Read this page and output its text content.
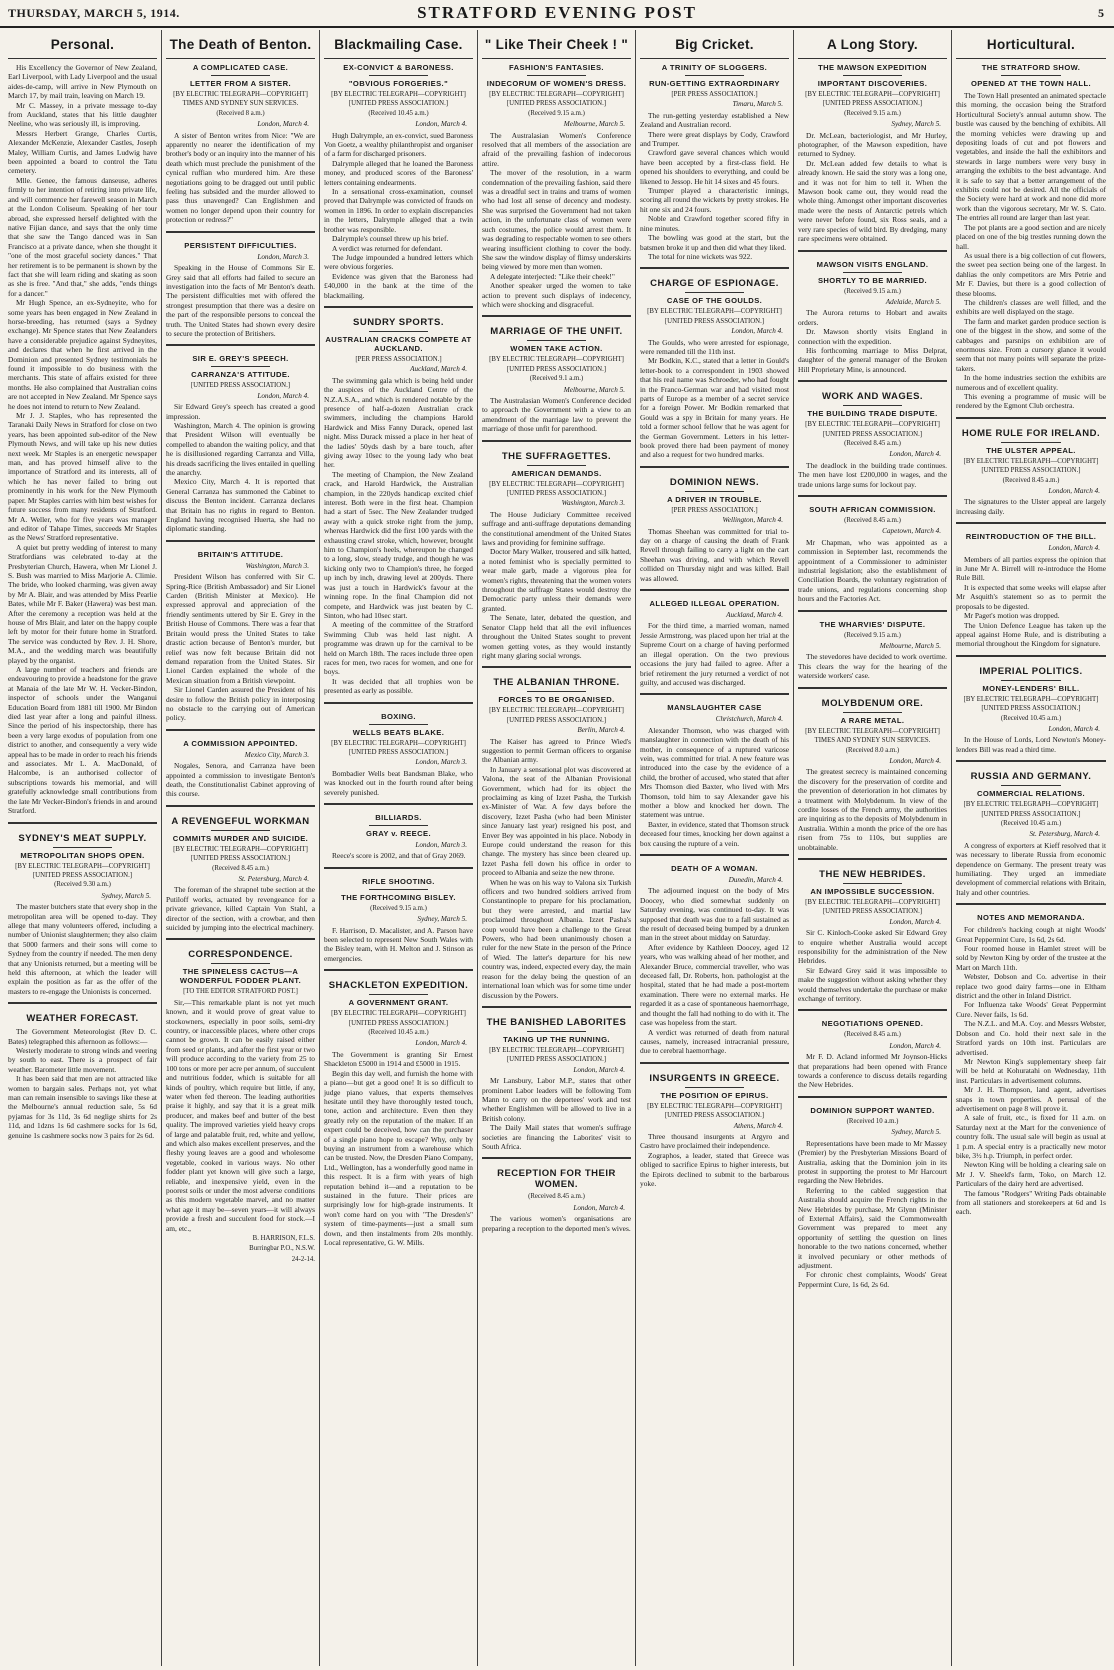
THURSDAY, MARCH 5, 1914.	STRATFORD EVENING POST	5
Personal.

His Excellency the Governor of New Zealand, Earl Liverpool, with Lady Liverpool and the usual aides-de-camp, will arrive in New Plymouth on March 17, by mail train, leaving on March 19.

Mr C. Massey, in a private message to-day from Auckland, states that his little daughter Neeline, who was seriously ill, is improving.

Messrs Herbert Grange, Charles Curtis, Alexander McKenzie, Alexander Castles, Joseph Maley, William Curtis, and James Ludwig have been appointed a board to control the Tatu cemetery.

Mlle. Genee, the famous danseuse, adheres firmly to her intention of retiring into private life, and will commence her farewell season in March at the London Coliseum. Speaking of her tour abroad, she expressed herself delighted with the native Fijian dance, and says that the only time that she saw the Tango danced was in San Francisco at a private dance, when she thought it "one of the most graceful society dances." That her retirement is to be permanent is shown by the fact that she will learn riding and skating as soon as she is free. "And that," she adds, "ends things for a dancer."

Mr Hugh Spence, an ex-Sydneyite, who for some years has been engaged in New Zealand in horse-breeding, has returned (says a Sydney exchange). Mr Spence states that New Zealanders have a considerable prejudice against Sydneyites, and declares that when he first arrived in the Dominion and presented Sydney testimonials he found it impossible to do business with the merchants. This state of affairs existed for three months. He also complained that Australian coins are not accepted in New Zealand. Mr Spence says he does not intend to return to New Zealand.

Mr J. J. Staples, who has represented the Taranaki Daily News in Stratford for close on two years, has been appointed sub-editor of the New Plymouth News, and will take up his new duties next week. Mr Staples is an energetic newspaper man, and has proved himself alive to the importance of Stratford and its interests, all of which he has never failed to bring out prominently in his work for the New Plymouth paper. Mr Staples carries with him best wishes for future success from many residents of Stratford. Mr A. Weller, who for five years was manager and editor of Tahape Times, succeeds Mr Staples as the News' Stratford representative.

A quiet but pretty wedding of interest to many Stratfordians was celebrated to-day at the Presbyterian Church, Hawera, when Mr Lionel J. S. Bush was married to Miss Marjorie A. Climie. The bride, who looked charming, was given away by Mr A. Blair, and was attended by Miss Pearlie Bates, while Mr F. Baker (Hawera) was best man. After the ceremony a reception was held at the house of Mrs Blair, and later on the happy couple left by motor for their future home in Stratford. The service was conducted by Rev. J. H. Shore, M.A., and the wedding march was beautifully played by the organist.

A large number of teachers and friends are endeavouring to provide a headstone for the grave at Manaia of the late Mr W. H. Vecker-Bindon, inspector of schools under the Wanganui Education Board from 1881 till 1900. Mr Bindon died last year after a long and painful illness. Since the period of his inspectorship, there has been a very large exodus of population from one district to another, and consequently a very wide appeal has to be made in order to reach his friends and associates. Mr L. A. MacDonald, of Halcombe, is an authorised collector of subscriptions towards his memorial, and will gratefully acknowledge small contributions from the late Mr Vecker-Bindon's friends in and around Stratford.

SYDNEY'S MEAT SUPPLY.
METROPOLITAN SHOPS OPEN.
[BY ELECTRIC TELEGRAPH—COPYRIGHT]
[UNITED PRESS ASSOCIATION.]
(Received 9.30 a.m.)
Sydney, March 5.

The master butchers state that every shop in the metropolitan area will be opened to-day. They allege that many volunteers offered, including a number of Unionist slaughtermen; they also claim that 5000 farmers and their sons will come to Sydney from the country if needed. The men deny that any Unionists returned, but a meeting will be held this afternoon, at which the leader will explain the position as far as the offer of the masters to re-engage the Unionists is concerned.

WEATHER FORECAST.

The Government Meteorologist (Rev D. C. Bates) telegraphed this afternoon as follows:—

Westerly moderate to strong winds and veering by south to east. There is a prospect of fair weather. Barometer little movement.

It has been said that men are not attracted like women to bargain sales. Perhaps not, yet what man can remain insensible to savings like these at the Melbourne's annual reduction sale, 5s 6d pyjamas for 3s 11d, 3s 6d neglige shirts for 2s 11d, and 1dzns 1s 6d cashmere socks for 1s 6d, genuine 1s cashmere socks now 3 pairs for 2s 6d.

The Death of Benton.
A COMPLICATED CASE.
LETTER FROM A SISTER.
[BY ELECTRIC TELEGRAPH—COPYRIGHT]
TIMES AND SYDNEY SUN SERVICES.
(Received 8 a.m.)
London, March 4.

A sister of Benton writes from Nice: "We are apparently no nearer the identification of my brother's body or an inquiry into the manner of his death which must preclude the punishment of the cynical ruffian who murdered him. Are these negotiations going to be dragged out until public feeling has subsided and the murder allowed to pass thus unavenged? Can Englishmen and women no longer depend upon their country for protection or redress?"

PERSISTENT DIFFICULTIES.
London, March 3.

Speaking in the House of Commons Sir E. Grey said that all efforts had failed to secure an investigation into the facts of Mr Benton's death. The persistent difficulties met with offered the strongest presumption that there was a desire on the part of the responsible persons to conceal the truth. The United States had shown every desire to secure the protection of Britishers.

SIR E. GREY'S SPEECH.
CARRANZA'S ATTITUDE.
[UNITED PRESS ASSOCIATION.]
London, March 4.

Sir Edward Grey's speech has created a good impression.

Washington, March 4. The opinion is growing that President Wilson will eventually be compelled to abandon the waiting policy, and that he is disillusioned regarding Carranza and Villa, his dreads sacrificing the lives entailed in quelling the anarchy.

Mexico City, March 4. It is reported that General Carranza has summoned the Cabinet to discuss the Benton incident. Carranza declares that Britain has no rights in regard to Benton. England having recognised Huerta, she had no diplomatic standing.

BRITAIN'S ATTITUDE.
Washington, March 3.

President Wilson has conferred with Sir C. Spring-Rice (British Ambassador) and Sir Lionel Carden (British Minister at Mexico). He expressed approval and appreciation of the friendly sentiments uttered by Sir E. Grey in the British House of Commons. There was a fear that Britain would press the United States to take drastic action because of Benton's murder, but relief was now felt because Britain did not demand reparation from the United States. Sir Lionel Carden explained the whole of the Mexican situation from a British viewpoint.

Sir Lionel Carden assured the President of his desire to follow the British policy in interposing no obstacle to the carrying out of American policy.

A COMMISSION APPOINTED.
Mexico City, March 3.

Nogales, Senora, and Carranza have been appointed a commission to investigate Benton's death, the Constitutionalist Cabinet approving of this course.

A REVENGEFUL WORKMAN
COMMITS MURDER AND SUICIDE.
[BY ELECTRIC TELEGRAPH—COPYRIGHT]
[UNITED PRESS ASSOCIATION.]
(Received 8.45 a.m.)
St. Petersburg, March 4.

The foreman of the shrapnel tube section at the Putiloff works, actuated by revengeance for a private grievance, killed Captain Von Stahl, a director of the section, with a crowbar, and then suicided by jumping into the electrical machinery.

CORRESPONDENCE.
THE SPINELESS CACTUS—A WONDERFUL FODDER PLANT.
[TO THE EDITOR STRATFORD POST.]

Sir,—This remarkable plant is not yet much known, and it would prove of great value to stockowners, especially in poor soils, semi-dry country, or inaccessible places, where other crops cannot be grown. It can be easily raised either from seed or plants, and after the first year or two will produce according to the variety from 25 to 100 tons or more per acre per annum, of succulent and nutritious fodder, which is suitable for all kinds of poultry, which require but little, if any, water when fed thereon. The leading authorities praise it highly, and say that it is a great milk producer, and makes beef and butter of the best quality. The improved varieties yield heavy crops of large and palatable fruit, red, white and yellow, and which also makes excellent preserves, and the fleshy young leaves are a good and wholesome vegetable, cooked in various ways. No other fodder plant yet known will give such a large, reliable, and inexpensive yield, even in the poorest soils or under the most adverse conditions as this modern vegetable marvel, and no matter what age it may be—seven years—it will always provide a fresh and succulent food for stock.—I am, etc.,

B. HARRISON, F.L.S.
Burringbar P.O., N.S.W.
24-2-14.
Blackmailing Case.
EX-CONVICT & BARONESS.
"OBVIOUS FORGERIES."
[BY ELECTRIC TELEGRAPH—COPYRIGHT]
[UNITED PRESS ASSOCIATION.]
(Received 10.45 a.m.)
London, March 4.

Hugh Dalrymple, an ex-convict, sued Baroness Von Goetz, a wealthy philanthropist and organiser of a farm for discharged prisoners.

Dalrymple alleged that he loaned the Baroness money, and produced scores of the Baroness' letters containing endearments.

In a sensational cross-examination, counsel proved that Dalrymple was convicted of frauds on women in 1896. In order to explain discrepancies in the letters, Dalrymple alleged that a twin brother was responsible.

Dalrymple's counsel threw up his brief.

A verdict was returned for defendant.

The Judge impounded a hundred letters which were obvious forgeries.

Evidence was given that the Baroness had £40,000 in the bank at the time of the blackmailing.

SUNDRY SPORTS.
AUSTRALIAN CRACKS COMPETE AT AUCKLAND.
[PER PRESS ASSOCIATION.]
Auckland, March 4.

The swimming gala which is being held under the auspices of the Auckland Centre of the N.Z.A.S.A., and which is rendered notable by the presence of half-a-dozen Australian crack swimmers, including the champions Harold Hardwick and Miss Fanny Durack, opened last night. Miss Durack missed a place in her heat of the ladies' 50yds dash by a bare touch, after giving away 10sec to the young lady who beat her.

The meeting of Champion, the New Zealand crack, and Harold Hardwick, the Australian champion, in the 220yds handicap excited chief interest. Both were in the first heat. Champion had a start of 5sec. The New Zealander trudged away with a quick stroke right from the jump, whereas Hardwick did the first 100 yards with the exhausting crawl stroke, which, however, brought him to Champion's heels, whereupon he changed to a long, slow, steady trudge, and though he was kicking only two to Champion's three, he forged up inch by inch, drawing level at 200yds. There was just a touch in Hardwick's favour at the winning rope. In the final Champion did not compete, and Hardwick was just beaten by C. Sinton, who had 10sec start.

A meeting of the committee of the Stratford Swimming Club was held last night. A programme was drawn up for the carnival to be held on March 18th. The races include three open races for men, two races for women, and one for boys.

It was decided that all trophies won be presented as early as possible.

BOXING.
WELLS BEATS BLAKE.
[BY ELECTRIC TELEGRAPH—COPYRIGHT]
[UNITED PRESS ASSOCIATION.]
London, March 3.

Bombadier Wells beat Bandsman Blake, who was knocked out in the fourth round after being severely punished.

BILLIARDS.
GRAY v. REECE.
London, March 3.

Reece's score is 2002, and that of Gray 2069.

RIFLE SHOOTING.
THE FORTHCOMING BISLEY.
(Received 9.15 a.m.)
Sydney, March 5.

F. Harrison, D. Macalister, and A. Parson have been selected to represent New South Wales with the Bisley team, with H. Melton and J. Stinson as emergencies.

SHACKLETON EXPEDITION.
A GOVERNMENT GRANT.
[BY ELECTRIC TELEGRAPH—COPYRIGHT]
[UNITED PRESS ASSOCIATION.]
(Received 10.45 a.m.)
London, March 4.

The Government is granting Sir Ernest Shackleton £5000 in 1914 and £5000 in 1915.

Begin this day well, and furnish the home with a piano—but get a good one! It is so difficult to judge piano values, that experts themselves hesitate until they have thoroughly tested touch, tone, action and architecture. Even then they greatly rely on the reputation of the maker. If an expert could be deceived, how can the purchaser of a single piano hope to escape? Why, only by buying an instrument from a warehouse which can be trusted. Now, the Dresden Piano Company, Ltd., Wellington, has a wonderfully good name in this respect. It is a firm with years of high reputation behind it—and a reputation to be sustained in the future. Their prices are surprisingly low for high-grade instruments. It won't come hard on you with "The Dresden's" system of time-payments—just a small sum down, and then instalments from 20s monthly. Local representative, G. W. Mills.

" Like Their Cheek ! "
FASHION'S FANTASIES.
INDECORUM OF WOMEN'S DRESS.
[BY ELECTRIC TELEGRAPH—COPYRIGHT]
[UNITED PRESS ASSOCIATION.]
(Received 9.15 a.m.)
Melbourne, March 5.

The Australasian Women's Conference resolved that all members of the association are afraid of the prevailing fashion of indecorous attire.

The mover of the resolution, in a warm condemnation of the prevailing fashion, said there was a dreadful sect in trains and trams of women who had lost all sense of decency and modesty. She was surprised the Government had not taken action, in the unfortunate class of women were such costumes, the police would arrest them. It was degrading to respectable women to see others wearing insufficient clothing to cover the body. She saw the window display of flimsy underskirts being viewed by more men than women.

A delegate interjected: "Like their cheek!"

Another speaker urged the women to take action to prevent such displays of indecency, which were shocking and disgraceful.

MARRIAGE OF THE UNFIT.
WOMEN TAKE ACTION.
[BY ELECTRIC TELEGRAPH—COPYRIGHT]
[UNITED PRESS ASSOCIATION.]
(Received 9.1 a.m.)
Melbourne, March 5.

The Australasian Women's Conference decided to approach the Government with a view to an amendment of the marriage law to prevent the marriage of those unfit for parenthood.

THE SUFFRAGETTES.
AMERICAN DEMANDS.
[BY ELECTRIC TELEGRAPH—COPYRIGHT]
[UNITED PRESS ASSOCIATION.]
Washington, March 3.

The House Judiciary Committee received suffrage and anti-suffrage deputations demanding the constitutional amendment of the United States laws and providing for feminine suffrage.

Doctor Mary Walker, trousered and silk hatted, a noted feminist who is specially permitted to wear male garb, made a vigorous plea for women's rights, threatening that the women voters throughout the suffrage States would destroy the Democratic party unless their demands were granted.

The Senate, later, debated the question, and Senator Clapp held that all the evil influences throughout the United States sought to prevent women getting votes, as they would instantly right many glaring social wrongs.

THE ALBANIAN THRONE.
FORCES TO BE ORGANISED.
[BY ELECTRIC TELEGRAPH—COPYRIGHT]
[UNITED PRESS ASSOCIATION.]
Berlin, March 4.

The Kaiser has agreed to Prince Wied's suggestion to permit German officers to organise the Albanian army.

In January a sensational plot was discovered at Valona, the seat of the Albanian Provisional Government, which had for its object the proclaiming as king of Izzet Pasha, the Turkish ex-Minister of War. A few days before the discovery, Izzet Pasha (who had been Minister since January last year) resigned his post, and Enver Bey was appointed in his place. Nobody in Europe could understand the reason for this change. The mystery has since been cleared up. Izzet Pasha fell down his office in order to proceed to Albania and seize the new throne.

When he was on his way to Valona six Turkish officers and two hundred soldiers arrived from Constantinople to prepare for his proclamation, but they were arrested, and martial law proclaimed throughout Albania. Izzet Pasha's coup would have been a challenge to the Great Powers, who had been unanimously chosen a ruler for the new State in the person of the Prince of Wied. The latter's departure for his new country was, indeed, expected every day, the main reason for the delay being the question of an international loan which was for some time under discussion by the Powers.

THE BANISHED LABORITES
TAKING UP THE RUNNING.
[BY ELECTRIC TELEGRAPH—COPYRIGHT]
[UNITED PRESS ASSOCIATION.]
London, March 4.

Mr Lansbury, Labor M.P., states that other prominent Labor leaders will be following Tom Mann to carry on the deportees' work and test whether Englishmen will be allowed to live in a British colony.

The Daily Mail states that women's suffrage societies are financing the Laborites' visit to South Africa.

RECEPTION FOR THEIR WOMEN.
(Received 8.45 a.m.)
London, March 4.

The various women's organisations are preparing a reception to the deported men's wives.

Big Cricket.
A TRINITY OF SLOGGERS.
RUN-GETTING EXTRAORDINARY
[PER PRESS ASSOCIATION.]
Timaru, March 5.

The run-getting yesterday established a New Zealand and Australian record.

There were great displays by Cody, Crawford and Trumper.

Crawford gave several chances which would have been accepted by a first-class field. He opened his shoulders to everything, and could be likened to Jessop. He hit 14 sixes and 45 fours.

Trumper played a characteristic innings, scoring all round the wickets by pretty strokes. He hit one six and 24 fours.

Noble and Crawford together scored fifty in nine minutes.

The bowling was good at the start, but the batsmen broke it up and then did what they liked.

The total for nine wickets was 922.

CHARGE OF ESPIONAGE.
CASE OF THE GOULDS.
[BY ELECTRIC TELEGRAPH—COPYRIGHT]
[UNITED PRESS ASSOCIATION.]
London, March 4.

The Goulds, who were arrested for espionage, were remanded till the 11th inst.

Mr Bodkin, K.C., stated that a letter in Gould's letter-book to a correspondent in 1903 showed that his real name was Schroeder, who had fought in the Franco-German war and had visited most parts of Europe as a member of a secret service for a foreign Power. Mr Bodkin remarked that Gould was a spy in Britain for many years. He told a former school fellow that he was agent for the German Government. Letters in his letter-book proved there had been payment of money and also a request for two hundred marks.

DOMINION NEWS.
A DRIVER IN TROUBLE.
[PER PRESS ASSOCIATION.]
Wellington, March 4.

Thomas Sheehan was committed for trial to-day on a charge of causing the death of Frank Revell through failing to carry a light on the cart Sheehan was driving, and with which Revell collided on Thursday night and was killed. Bail was allowed.

ALLEGED ILLEGAL OPERATION.
Auckland, March 4.

For the third time, a married woman, named Jessie Armstrong, was placed upon her trial at the Supreme Court on a charge of having performed an illegal operation. On the two previous occasions the jury had failed to agree. After a brief retirement the jury returned a verdict of not guilty, and accused was discharged.

MANSLAUGHTER CASE
Christchurch, March 4.

Alexander Thomson, who was charged with manslaughter in connection with the death of his mother, in consequence of a ruptured varicose vein, was committed for trial. A new feature was introduced into the case by the evidence of a child, the brother of accused, who stated that after Mrs Thomson died Baxter, who lived with Mrs Thomson, told him to say Alexander gave his mother a blow and knocked her down. The statement was untrue.

Baxter, in evidence, stated that Thomson struck deceased four times, knocking her down against a box causing the rupture of a vein.

DEATH OF A WOMAN.
Dunedin, March 4.

The adjourned inquest on the body of Mrs Doocey, who died somewhat suddenly on Saturday evening, was continued to-day. It was supposed that death was due to a fall sustained as the result of deceased being bumped by a drunken man in the street about midday on Saturday.

After evidence by Kathleen Doocey, aged 12 years, who was walking ahead of her mother, and Alexander Bruce, commercial traveller, who was deceased fall, Dr. Roberts, hon. pathologist at the hospital, stated that he had made a post-mortem examination. There were no external marks. He regarded it as a case of spontaneous haemorrhage, and thought the fall had nothing to do with it. The case was hopeless from the start.

A verdict was returned of death from natural causes, namely, increased intracranial pressure, due to cerebral haemorrhage.

INSURGENTS IN GREECE.
THE POSITION OF EPIRUS.
[BY ELECTRIC TELEGRAPH—COPYRIGHT]
[UNITED PRESS ASSOCIATION.]
Athens, March 4.

Three thousand insurgents at Argyro and Castro have proclaimed their independence.

Zographos, a leader, stated that Greece was obliged to sacrifice Epirus to higher interests, but the Epirots declined to submit to the barbarous yoke.

A Long Story.
THE MAWSON EXPEDITION
IMPORTANT DISCOVERIES.
[BY ELECTRIC TELEGRAPH—COPYRIGHT]
[UNITED PRESS ASSOCIATION.]
(Received 9.15 a.m.)
Sydney, March 5.

Dr. McLean, bacteriologist, and Mr Hurley, photographer, of the Mawson expedition, have returned to Sydney.

Dr. McLean added few details to what is already known. He said the story was a long one, and it was not for him to tell it. When the Mawson book came out, they would read the whole thing. Amongst other important discoveries made were the nests of Antarctic petrels which were never before found, six Ross seals, and a very rare species of wild bird. By dredging, many rare specimens were obtained.

MAWSON VISITS ENGLAND.
SHORTLY TO BE MARRIED.
(Received 9.15 a.m.)
Adelaide, March 5.

The Aurora returns to Hobart and awaits orders.

Dr. Mawson shortly visits England in connection with the expedition.

His forthcoming marriage to Miss Delprat, daughter of the general manager of the Broken Hill Proprietary Mine, is announced.

WORK AND WAGES.
THE BUILDING TRADE DISPUTE.
[BY ELECTRIC TELEGRAPH—COPYRIGHT]
[UNITED PRESS ASSOCIATION.]
(Received 8.45 a.m.)
London, March 4.

The deadlock in the building trade continues. The men have lost £200,000 in wages, and the trade unions large sums for lockout pay.

SOUTH AFRICAN COMMISSION.
(Received 8.45 a.m.)
Capetown, March 4.

Mr Chapman, who was appointed as a commission in September last, recommends the appointment of a Commissioner to administer industrial legislation; also the establishment of Conciliation Boards, the voluntary registration of trade unions, and regulations concerning shop hours and the Factories Act.

THE WHARVIES' DISPUTE.
(Received 9.15 a.m.)
Melbourne, March 5.

The stevedores have decided to work overtime. This clears the way for the hearing of the waterside workers' case.

MOLYBDENUM ORE.
A RARE METAL.
[BY ELECTRIC TELEGRAPH—COPYRIGHT]
TIMES AND SYDNEY SUN SERVICES.
(Received 8.0 a.m.)
London, March 4.

The greatest secrecy is maintained concerning the discovery for the preservation of cordite and the prevention of deterioration in hot climates by a treatment with Molybdenum. In view of the cordite losses of the French army, the authorities are inquiring as to the deposits of Molybdenum in Australia. Within a month the price of the ore has risen from 75s to 110s, but supplies are unobtainable.

THE NEW HEBRIDES.
AN IMPOSSIBLE SUCCESSION.
[BY ELECTRIC TELEGRAPH—COPYRIGHT]
[UNITED PRESS ASSOCIATION.]
London, March 4.

Sir C. Kinloch-Cooke asked Sir Edward Grey to enquire whether Australia would accept responsibility for the administration of the New Hebrides.

Sir Edward Grey said it was impossible to make the suggestion without asking whether they would themselves undertake the purchase or make exchange of territory.

NEGOTIATIONS OPENED.
(Received 8.45 a.m.)
London, March 4.

Mr F. D. Acland informed Mr Joynson-Hicks that preparations had been opened with France towards a conference to discuss details regarding the New Hebrides.

DOMINION SUPPORT WANTED.
(Received 10 a.m.)
Sydney, March 5.

Representations have been made to Mr Massey (Premier) by the Presbyterian Missions Board of Australia, asking that the Dominion join in its protest in supporting the protest to Mr Harcourt regarding the New Hebrides.

Referring to the cabled suggestion that Australia should acquire the French rights in the New Hebrides by purchase, Mr Glynn (Minister of External Affairs), said the Commonwealth Government was prepared to meet any opportunity of settling the question on lines honorable to the two nations concerned, whether it involved pecuniary or other methods of adjustment.

For chronic chest complaints, Woods' Great Peppermint Cure, 1s 6d, 2s 6d.

Horticultural.
THE STRATFORD SHOW.
OPENED AT THE TOWN HALL.

The Town Hall presented an animated spectacle this morning, the occasion being the Stratford Horticultural Society's annual autumn show. The bustle was caused by the benching of exhibits. All the morning vehicles were drawing up and depositing loads of cut and pot flowers and vegetables, and inside the hall the exhibitors and stewards in large numbers were very busy in arranging the exhibits to the best advantage. And it is safe to say that a better arrangement of the exhibits could not be desired. All the officials of the Society were hard at work and none did more work than the vigorous secretary, Mr W. S. Cato. The entries all round are larger than last year.

The pot plants are a good section and are nicely placed on one of the big trestles running down the hall.

As usual there is a big collection of cut flowers, the sweet pea section being one of the largest. In dahlias the only competitors are Mrs Petrie and Mr F. Davies, but there is a good collection of these blooms.

The children's classes are well filled, and the exhibits are well displayed on the stage.

The farm and market garden produce section is one of the biggest in the show, and some of the cabbages and parsnips on exhibition are of enormous size. From a cursory glance it would seem that not many points will separate the prize-takers.

In the home industries section the exhibits are numerous and of excellent quality.

This evening a programme of music will be rendered by the Egmont Club orchestra.

HOME RULE FOR IRELAND.
THE ULSTER APPEAL.
[BY ELECTRIC TELEGRAPH—COPYRIGHT]
[UNITED PRESS ASSOCIATION.]
(Received 8.45 a.m.)
London, March 4.

The signatures to the Ulster appeal are largely increasing daily.

REINTRODUCTION OF THE BILL.
London, March 4.

Members of all parties express the opinion that in June Mr A. Birrell will re-introduce the Home Rule Bill.

It is expected that some weeks will elapse after Mr Asquith's statement so as to permit the proposals to be digested.

Mr Paget's motion was dropped.

The Union Defence League has taken up the appeal against Home Rule, and is distributing a memorial throughout the Kingdom for signature.

IMPERIAL POLITICS.
MONEY-LENDERS' BILL.
[BY ELECTRIC TELEGRAPH—COPYRIGHT]
[UNITED PRESS ASSOCIATION.]
(Received 10.45 a.m.)
London, March 4.

In the House of Lords, Lord Newton's Money-lenders Bill was read a third time.

RUSSIA AND GERMANY.
COMMERCIAL RELATIONS.
[BY ELECTRIC TELEGRAPH—COPYRIGHT]
[UNITED PRESS ASSOCIATION.]
(Received 10.45 a.m.)
St. Petersburg, March 4.

A congress of exporters at Kieff resolved that it was necessary to liberate Russia from economic dependence on Germany. The present treaty was humiliating. They urged an immediate development of commercial relations with Britain, Italy and other countries.

NOTES AND MEMORANDA.

For children's hacking cough at night Woods' Great Peppermint Cure, 1s 6d, 2s 6d.

Four roomed house in Hamlet street will be sold by Newton King by order of the trustee at the Mart on March 11th.

Webster, Dobson and Co. advertise in their replace two good dairy farms—one in Eltham district and the other in Inland District.

For Influenza take Woods' Great Peppermint Cure. Never fails, 1s 6d.

The N.Z.L. and M.A. Coy. and Messrs Webster, Dobson and Co. hold their next sale in the Stratford yards on 10th inst. Particulars are advertised.

Mr Newton King's supplementary sheep fair will be held at Kohuratahi on Wednesday, 11th inst. Particulars in advertisement columns.

Mr J. H. Thompson, land agent, advertises snaps in town properties. A perusal of the advertisement on page 8 will prove it.

A sale of fruit, etc., is fixed for 11 a.m. on Saturday next at the Mart for the convenience of country folk. The usual sale will begin as usual at 1 p.m. A special entry is a practically new motor bike, 3½ h.p. Triumph, in perfect order.

Newton King will be holding a clearing sale on Mr J. V. Sheeld's farm, Toko, on March 12. Particulars of the dairy herd are advertised.

The famous "Rodgers" Writing Pads obtainable from all stationers and storekeepers at 6d and 1s each.
